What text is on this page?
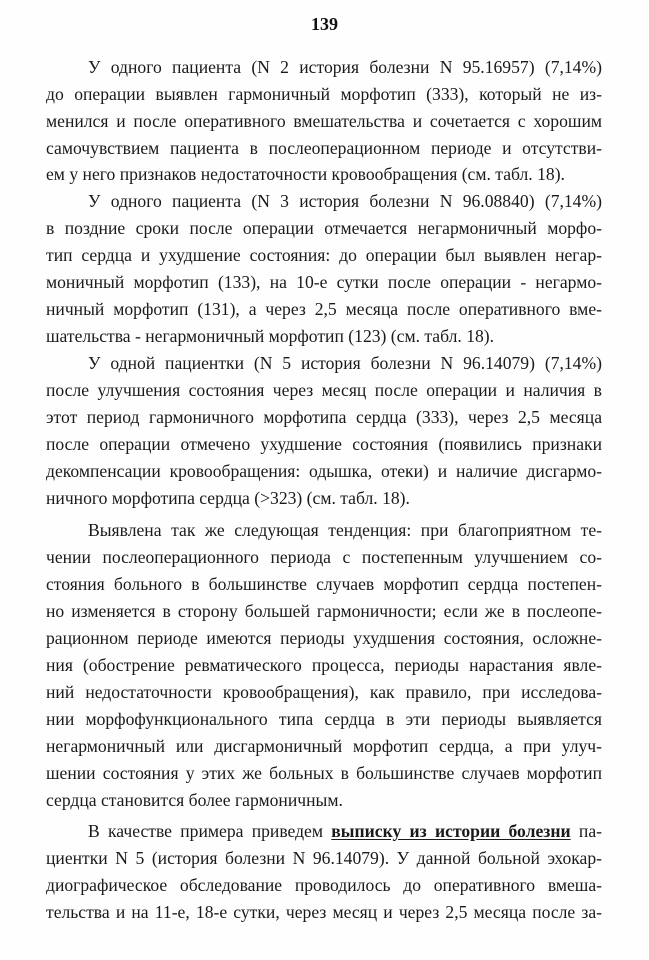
139
У одного пациента (N 2 история болезни N 95.16957) (7,14%)
до операции выявлен гармоничный морфотип (333), который не из-
менился и после оперативного вмешательства и сочетается с хорошим
самочувствием пациента в послеоперационном периоде и отсутстви-
ем у него признаков недостаточности кровообращения (см. табл. 18).
У одного пациента (N 3 история болезни N 96.08840) (7,14%)
в поздние сроки после операции отмечается негармоничный морфо-
тип сердца и ухудшение состояния: до операции был выявлен негар-
моничный морфотип (133), на 10-е сутки после операции - негармо-
ничный морфотип (131), а через 2,5 месяца после оперативного вме-
шательства - негармоничный морфотип (123) (см. табл. 18).
У одной пациентки (N 5 история болезни N 96.14079) (7,14%)
после улучшения состояния через месяц после операции и наличия в
этот период гармоничного морфотипа сердца (333), через 2,5 месяца
после операции отмечено ухудшение состояния (появились признаки
декомпенсации кровообращения: одышка, отеки) и наличие дисгармо-
ничного морфотипа сердца (>323) (см. табл. 18).
Выявлена так же следующая тенденция: при благоприятном те-
чении послеоперационного периода с постепенным улучшением со-
стояния больного в большинстве случаев морфотип сердца постепен-
но изменяется в сторону большей гармоничности; если же в послеопе-
рационном периоде имеются периоды ухудшения состояния, осложне-
ния (обострение ревматического процесса, периоды нарастания явле-
ний недостаточности кровообращения), как правило, при исследова-
нии морфофункционального типа сердца в эти периоды выявляется
негармоничный или дисгармоничный морфотип сердца, а при улуч-
шении состояния у этих же больных в большинстве случаев морфотип
сердца становится более гармоничным.
В качестве примера приведем выписку из истории болезни па-
циентки N 5 (история болезни N 96.14079). У данной больной эхокар-
диографическое обследование проводилось до оперативного вмеша-
тельства и на 11-е, 18-е сутки, через месяц и через 2,5 месяца после за-
